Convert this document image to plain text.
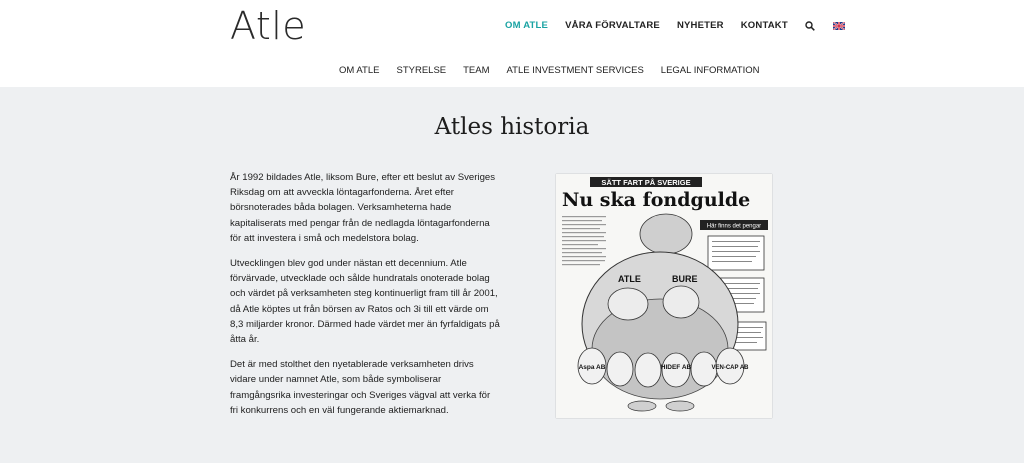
Atle	OM ATLE VÅRA FÖRVALTARE NYHETER KONTAKT
OM ATLE STYRELSE TEAM ATLE INVESTMENT SERVICES LEGAL INFORMATION
Atles historia

År 1992 bildades Atle, liksom Bure, efter ett beslut av Sveriges Riksdag om att avveckla löntagarfonderna. Året efter börsnoterades båda bolagen. Verksamheterna hade kapitaliserats med pengar från de nedlagda löntagarfonderna för att investera i små och medelstora bolag.

Utvecklingen blev god under nästan ett decennium. Atle förvärvade, utvecklade och sålde hundratals onoterade bolag och värdet på verksamheten steg kontinuerligt fram till år 2001, då Atle köptes ut från börsen av Ratos och 3i till ett värde om 8,3 miljarder kronor. Därmed hade värdet mer än fyrfaldigats på åtta år.

Det är med stolthet den nyetablerade verksamheten drivs vidare under namnet Atle, som både symboliserar framgångsrika investeringar och Sveriges vägval att verka för fri konkurrens och en väl fungerande aktiemarknad.

SÄTT FART PÅ SVERIGE
Nu ska fondgulde
Här finns det pengar
ATLE	BURE
Aspa AB	HIDEF AB	VEN-CAP AB
